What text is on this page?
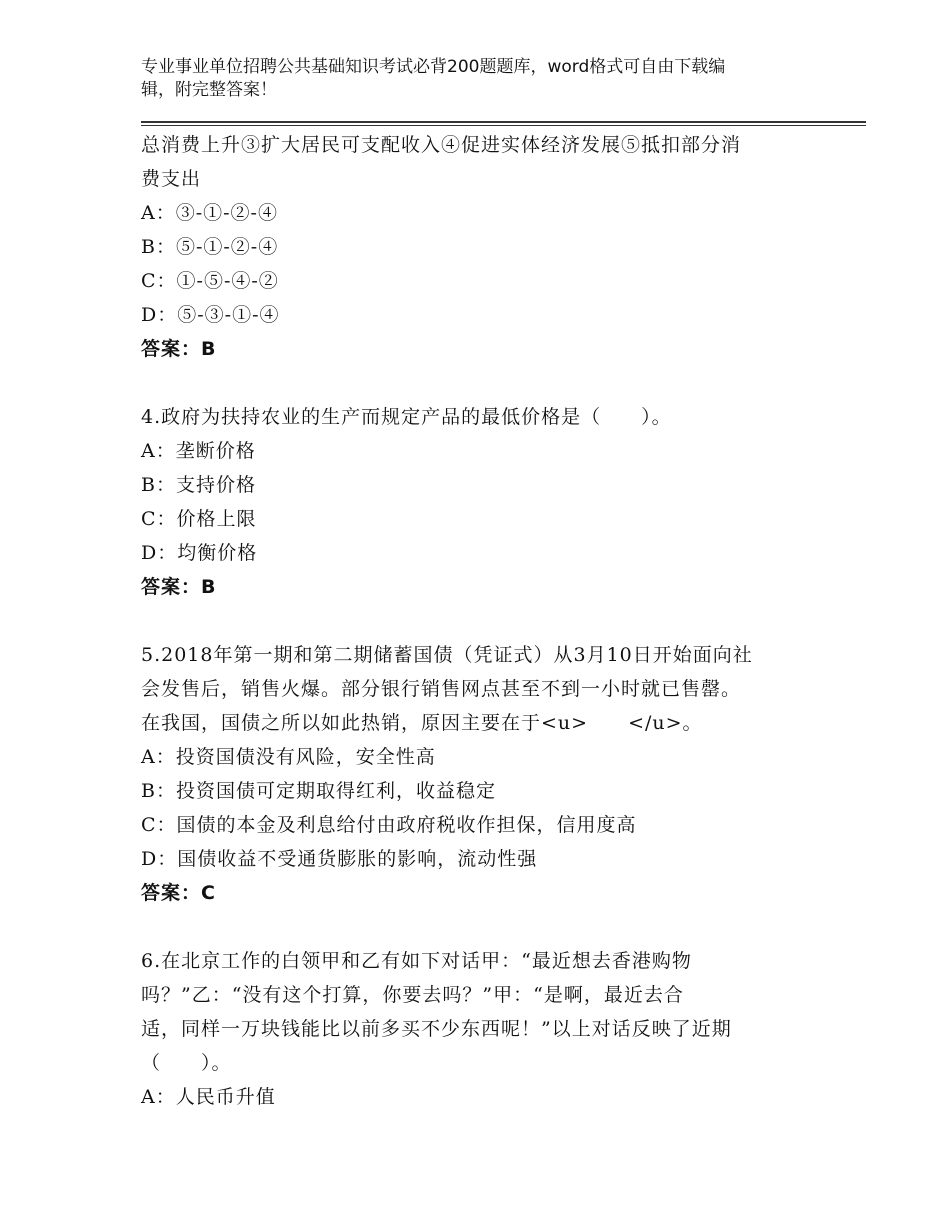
专业事业单位招聘公共基础知识考试必背200题题库，word格式可自由下载编
辑，附完整答案！
总消费上升③扩大居民可支配收入④促进实体经济发展⑤抵扣部分消
费支出
A：③-①-②-④
B：⑤-①-②-④
C：①-⑤-④-②
D：⑤-③-①-④
答案：B
4.政府为扶持农业的生产而规定产品的最低价格是（　　）。
A：垄断价格
B：支持价格
C：价格上限
D：均衡价格
答案：B
5.2018年第一期和第二期储蓄国债（凭证式）从3月10日开始面向社
会发售后，销售火爆。部分银行销售网点甚至不到一小时就已售罄。
在我国，国债之所以如此热销，原因主要在于<u>　　</u>。
A：投资国债没有风险，安全性高
B：投资国债可定期取得红利，收益稳定
C：国债的本金及利息给付由政府税收作担保，信用度高
D：国债收益不受通货膨胀的影响，流动性强
答案：C
6.在北京工作的白领甲和乙有如下对话甲：“最近想去香港购物
吗？”乙：“没有这个打算，你要去吗？”甲：“是啊，最近去合
适，同样一万块钱能比以前多买不少东西呢！”以上对话反映了近期
（　　）。
A：人民币升值
